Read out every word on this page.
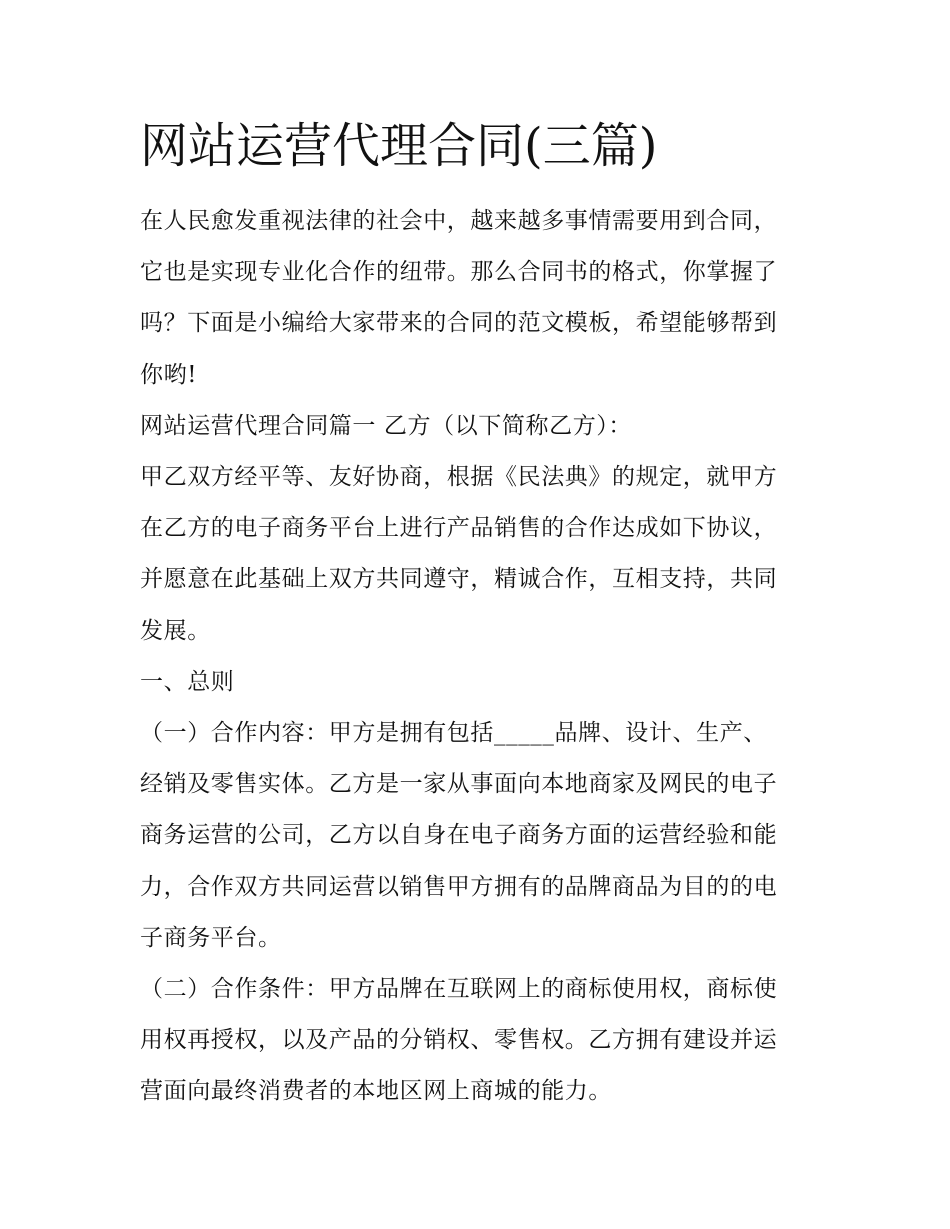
网站运营代理合同(三篇)

在人民愈发重视法律的社会中，越来越多事情需要用到合同，
它也是实现专业化合作的纽带。那么合同书的格式，你掌握了
吗？下面是小编给大家带来的合同的范文模板，希望能够帮到
你哟!

网站运营代理合同篇一 乙方（以下简称乙方）：

甲乙双方经平等、友好协商，根据《民法典》的规定，就甲方
在乙方的电子商务平台上进行产品销售的合作达成如下协议，
并愿意在此基础上双方共同遵守，精诚合作，互相支持，共同
发展。

一、总则

（一）合作内容：甲方是拥有包括_____品牌、设计、生产、
经销及零售实体。乙方是一家从事面向本地商家及网民的电子
商务运营的公司，乙方以自身在电子商务方面的运营经验和能
力，合作双方共同运营以销售甲方拥有的品牌商品为目的的电
子商务平台。

（二）合作条件：甲方品牌在互联网上的商标使用权，商标使
用权再授权，以及产品的分销权、零售权。乙方拥有建设并运
营面向最终消费者的本地区网上商城的能力。
